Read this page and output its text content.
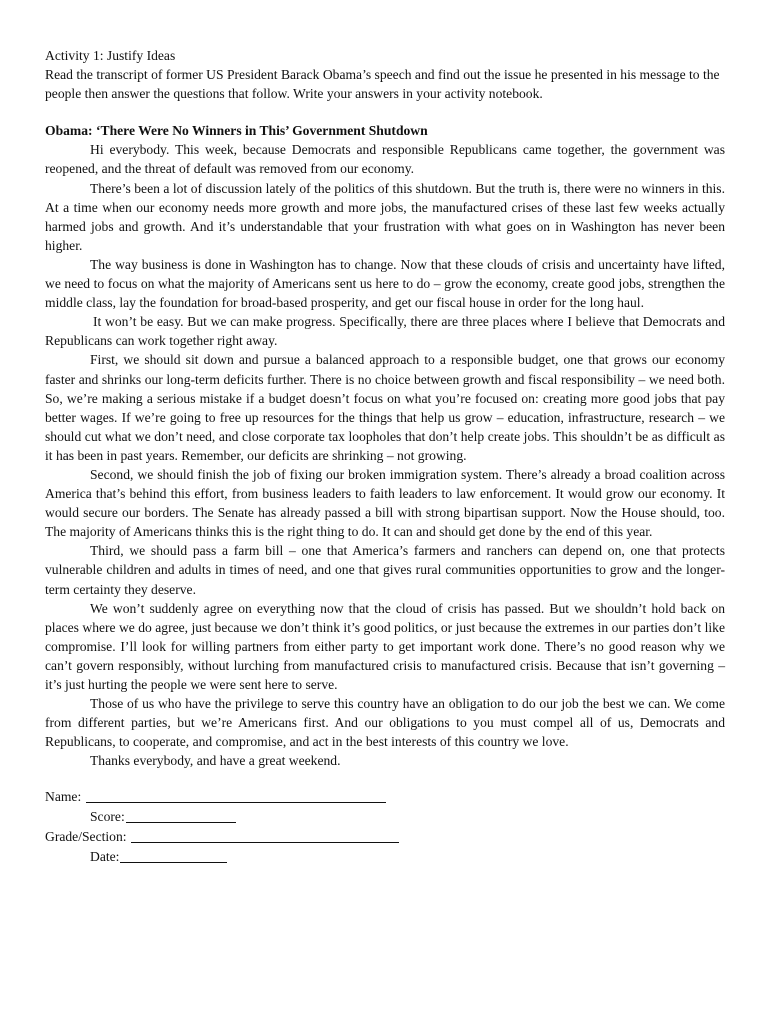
Activity 1: Justify Ideas

Read the transcript of former US President Barack Obama’s speech and find out the issue he presented in his message to the people then answer the questions that follow. Write your answers in your activity notebook.

Obama: ‘There Were No Winners in This’ Government Shutdown

Hi everybody. This week, because Democrats and responsible Republicans came together, the government was reopened, and the threat of default was removed from our economy.

There’s been a lot of discussion lately of the politics of this shutdown. But the truth is, there were no winners in this. At a time when our economy needs more growth and more jobs, the manufactured crises of these last few weeks actually harmed jobs and growth. And it’s understandable that your frustration with what goes on in Washington has never been higher.

The way business is done in Washington has to change. Now that these clouds of crisis and uncertainty have lifted, we need to focus on what the majority of Americans sent us here to do – grow the economy, create good jobs, strengthen the middle class, lay the foundation for broad-based prosperity, and get our fiscal house in order for the long haul.

It won’t be easy. But we can make progress. Specifically, there are three places where I believe that Democrats and Republicans can work together right away.

First, we should sit down and pursue a balanced approach to a responsible budget, one that grows our economy faster and shrinks our long-term deficits further. There is no choice between growth and fiscal responsibility – we need both. So, we’re making a serious mistake if a budget doesn’t focus on what you’re focused on: creating more good jobs that pay better wages. If we’re going to free up resources for the things that help us grow – education, infrastructure, research – we should cut what we don’t need, and close corporate tax loopholes that don’t help create jobs. This shouldn’t be as difficult as it has been in past years. Remember, our deficits are shrinking – not growing.

Second, we should finish the job of fixing our broken immigration system. There’s already a broad coalition across America that’s behind this effort, from business leaders to faith leaders to law enforcement. It would grow our economy. It would secure our borders. The Senate has already passed a bill with strong bipartisan support. Now the House should, too. The majority of Americans thinks this is the right thing to do. It can and should get done by the end of this year.

Third, we should pass a farm bill – one that America’s farmers and ranchers can depend on, one that protects vulnerable children and adults in times of need, and one that gives rural communities opportunities to grow and the longer-term certainty they deserve.

We won’t suddenly agree on everything now that the cloud of crisis has passed. But we shouldn’t hold back on places where we do agree, just because we don’t think it’s good politics, or just because the extremes in our parties don’t like compromise. I’ll look for willing partners from either party to get important work done. There’s no good reason why we can’t govern responsibly, without lurching from manufactured crisis to manufactured crisis. Because that isn’t governing – it’s just hurting the people we were sent here to serve.

Those of us who have the privilege to serve this country have an obligation to do our job the best we can. We come from different parties, but we’re Americans first. And our obligations to you must compel all of us, Democrats and Republicans, to cooperate, and compromise, and act in the best interests of this country we love.

Thanks everybody, and have a great weekend.

Name:
Score:
Grade/Section:
Date:
